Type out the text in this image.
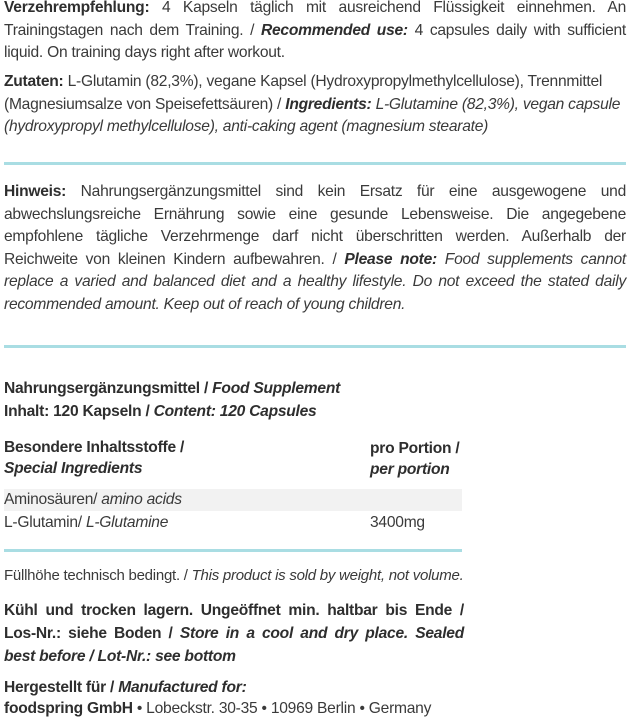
Verzehrempfehlung: 4 Kapseln täglich mit ausreichend Flüssigkeit einnehmen. An Trainingstagen nach dem Training. / Recommended use: 4 capsules daily with sufficient liquid. On training days right after workout.
Zutaten: L-Glutamin (82,3%), vegane Kapsel (Hydroxypropylmethylcellulose), Trennmittel (Magnesiumsalze von Speisefettsäuren) / Ingredients: L-Glutamine (82,3%), vegan capsule (hydroxypropyl methylcellulose), anti-caking agent (magnesium stearate)
Hinweis: Nahrungsergänzungsmittel sind kein Ersatz für eine ausgewogene und abwechslungsreiche Ernährung sowie eine gesunde Lebensweise. Die angegebene empfohlene tägliche Verzehrmenge darf nicht überschritten werden. Außerhalb der Reichweite von kleinen Kindern aufbewahren. / Please note: Food supplements cannot replace a varied and balanced diet and a healthy lifestyle. Do not exceed the stated daily recommended amount. Keep out of reach of young children.
Nahrungsergänzungsmittel / Food Supplement
Inhalt: 120 Kapseln / Content: 120 Capsules
Besondere Inhaltsstoffe /
Special Ingredients
pro Portion /
per portion
Aminosäuren/ amino acids
L-Glutamin/ L-Glutamine	3400mg
Füllhöhe technisch bedingt. / This product is sold by weight, not volume.
Kühl und trocken lagern. Ungeöffnet min. haltbar bis Ende / Los-Nr.: siehe Boden / Store in a cool and dry place. Sealed best before / Lot-Nr.: see bottom
Hergestellt für / Manufactured for:
foodspring GmbH • Lobeckstr. 30-35 • 10969 Berlin • Germany
